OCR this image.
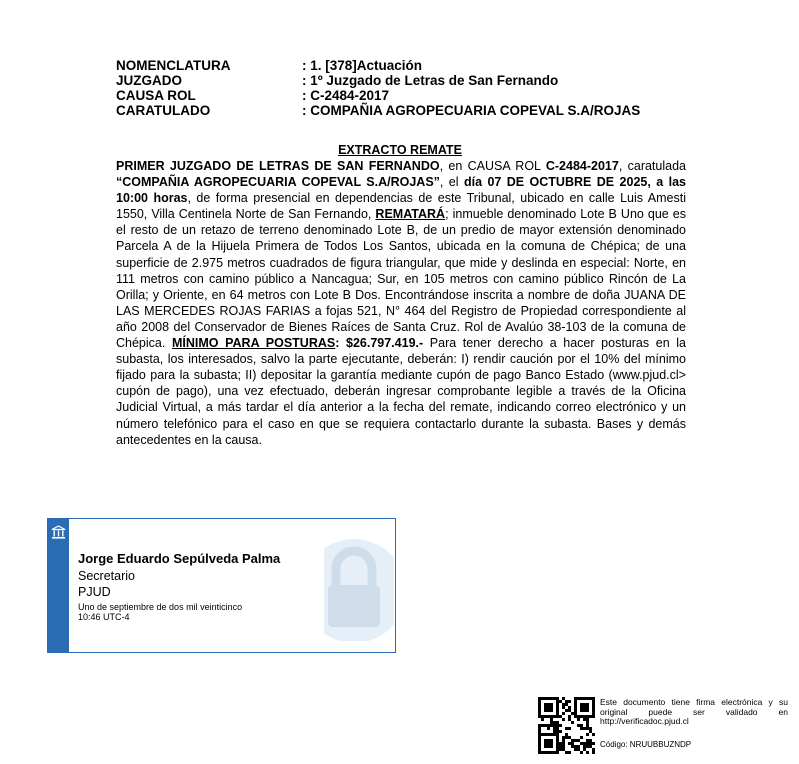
NOMENCLATURA	: 1. [378]Actuación
JUZGADO	: 1º Juzgado de Letras de San Fernando
CAUSA ROL	: C-2484-2017
CARATULADO	: COMPAÑIA AGROPECUARIA COPEVAL S.A/ROJAS
EXTRACTO REMATE
PRIMER JUZGADO DE LETRAS DE SAN FERNANDO, en CAUSA ROL C-2484-2017, caratulada “COMPAÑIA AGROPECUARIA COPEVAL S.A/ROJAS”, el día 07 DE OCTUBRE DE 2025, a las 10:00 horas, de forma presencial en dependencias de este Tribunal, ubicado en calle Luis Amesti 1550, Villa Centinela Norte de San Fernando, REMATARÁ; inmueble denominado Lote B Uno que es el resto de un retazo de terreno denominado Lote B, de un predio de mayor extensión denominado Parcela A de la Hijuela Primera de Todos Los Santos, ubicada en la comuna de Chépica; de una superficie de 2.975 metros cuadrados de figura triangular, que mide y deslinda en especial: Norte, en 111 metros con camino público a Nancagua; Sur, en 105 metros con camino público Rincón de La Orilla; y Oriente, en 64 metros con Lote B Dos. Encontrándose inscrita a nombre de doña JUANA DE LAS MERCEDES ROJAS FARIAS a fojas 521, N° 464 del Registro de Propiedad correspondiente al año 2008 del Conservador de Bienes Raíces de Santa Cruz. Rol de Avalúo 38-103 de la comuna de Chépica. MÍNIMO PARA POSTURAS: $26.797.419.- Para tener derecho a hacer posturas en la subasta, los interesados, salvo la parte ejecutante, deberán: I) rendir caución por el 10% del mínimo fijado para la subasta; II) depositar la garantía mediante cupón de pago Banco Estado (www.pjud.cl> cupón de pago), una vez efectuado, deberán ingresar comprobante legible a través de la Oficina Judicial Virtual, a más tardar el día anterior a la fecha del remate, indicando correo electrónico y un número telefónico para el caso en que se requiera contactarlo durante la subasta. Bases y demás antecedentes en la causa.
Jorge Eduardo Sepúlveda Palma
Secretario
PJUD
Uno de septiembre de dos mil veinticinco
10:46 UTC-4
Este documento tiene firma electrónica y su original puede ser validado en http://verificadoc.pjud.cl
Código: NRUUBBUZNDP
